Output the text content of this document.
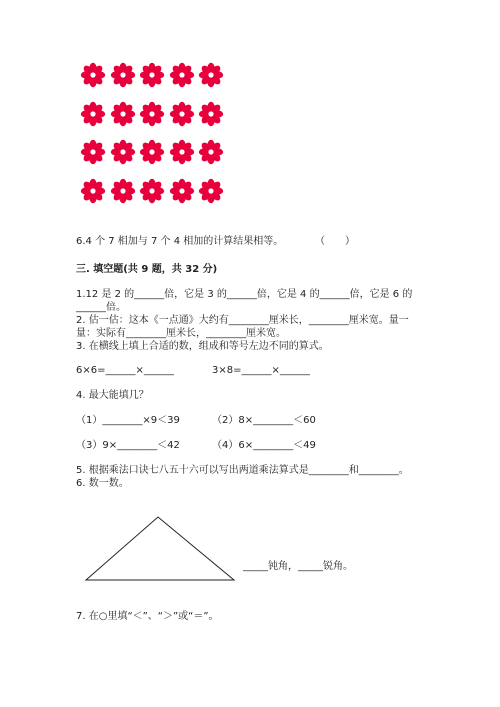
6.4 个 7 相加与 7 个 4 相加的计算结果相等。	（　　）
三. 填空题(共 9 题，共 32 分)
1.12 是 2 的______倍，它是 3 的______倍，它是 4 的______倍，它是 6 的
______倍。
2. 估一估：这本《一点通》大约有________厘米长，________厘米宽。量一
量：实际有________厘米长，________厘米宽。
3. 在横线上填上合适的数，组成和等号左边不同的算式。
6×6=______×______	3×8=______×______
4. 最大能填几？
（1）________×9＜39	（2）8×________＜60
（3）9×________＜42	（4）6×________＜49
5. 根据乘法口诀七八五十六可以写出两道乘法算式是________和________。
6. 数一数。
_____钝角，_____锐角。
7. 在○里填“＜”、“＞”或“＝”。
